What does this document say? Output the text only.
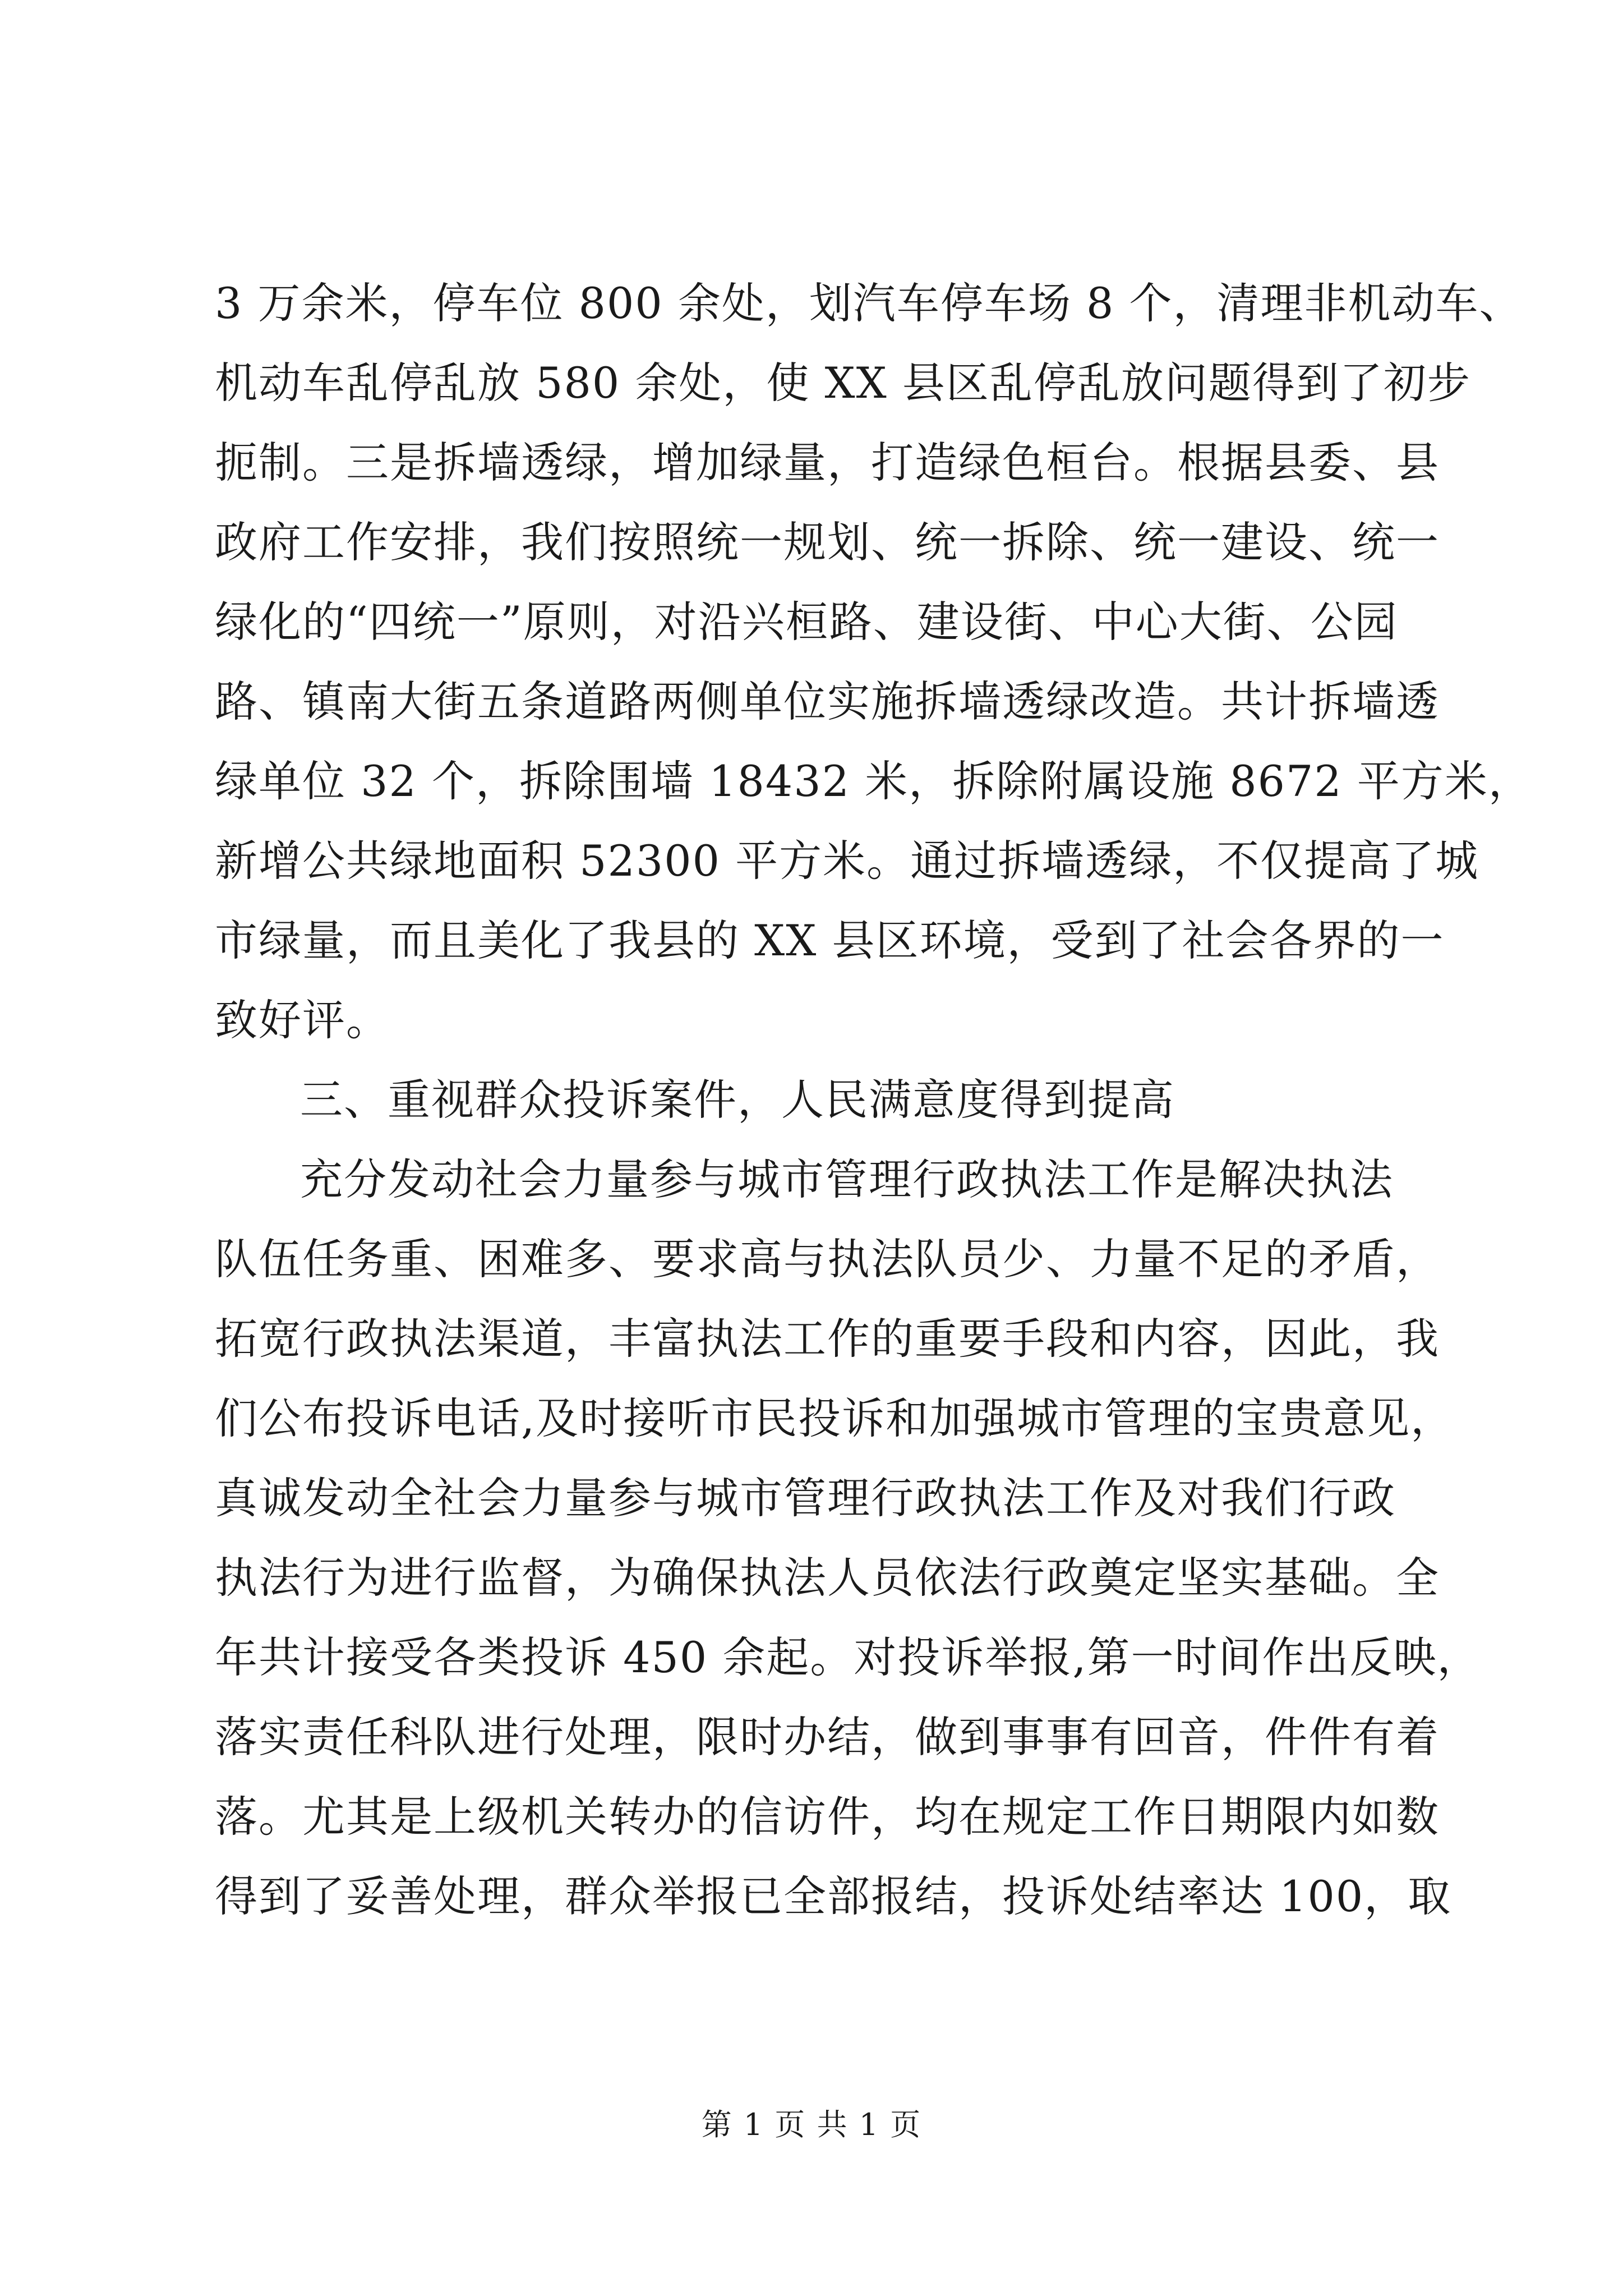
3 万余米，停车位 800 余处，划汽车停车场 8 个，清理非机动车、
机动车乱停乱放 580 余处，使 XX 县区乱停乱放问题得到了初步
扼制。三是拆墙透绿，增加绿量，打造绿色桓台。根据县委、县
政府工作安排，我们按照统一规划、统一拆除、统一建设、统一
绿化的“四统一”原则，对沿兴桓路、建设街、中心大街、公园
路、镇南大街五条道路两侧单位实施拆墙透绿改造。共计拆墙透
绿单位 32 个，拆除围墙 18432 米，拆除附属设施 8672 平方米，
新增公共绿地面积 52300 平方米。通过拆墙透绿，不仅提高了城
市绿量，而且美化了我县的 XX 县区环境，受到了社会各界的一
致好评。
三、重视群众投诉案件，人民满意度得到提高
充分发动社会力量参与城市管理行政执法工作是解决执法
队伍任务重、困难多、要求高与执法队员少、力量不足的矛盾，
拓宽行政执法渠道，丰富执法工作的重要手段和内容，因此，我
们公布投诉电话,及时接听市民投诉和加强城市管理的宝贵意见，
真诚发动全社会力量参与城市管理行政执法工作及对我们行政
执法行为进行监督，为确保执法人员依法行政奠定坚实基础。全
年共计接受各类投诉 450 余起。对投诉举报,第一时间作出反映，
落实责任科队进行处理，限时办结，做到事事有回音，件件有着
落。尤其是上级机关转办的信访件，均在规定工作日期限内如数
得到了妥善处理，群众举报已全部报结，投诉处结率达 100，取
第 1 页 共 1 页
